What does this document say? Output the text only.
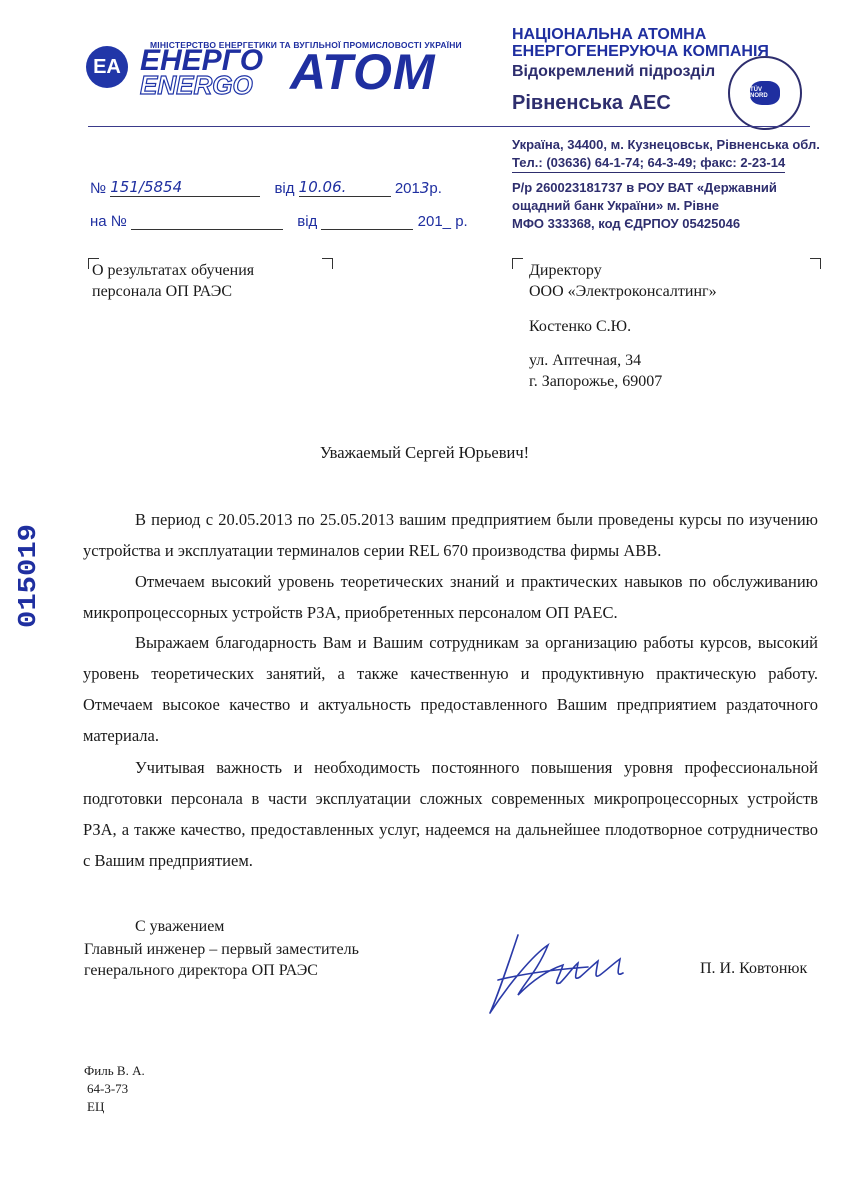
EA
МІНІСТЕРСТВО ЕНЕРГЕТИКИ ТА ВУГІЛЬНОЇ ПРОМИСЛОВОСТІ УКРАЇНИ
ЕНЕРГО
ENERGO АТОМ
НАЦІОНАЛЬНА АТОМНА
ЕНЕРГОГЕНЕРУЮЧА КОМПАНІЯ
Відокремлений підрозділ
Рівненська АЕС
TÜV NORD
Україна, 34400, м. Кузнецовськ, Рівненська обл.
Тел.: (03636) 64-1-74; 64-3-49; факс: 2-23-14
Р/р 260023181737 в РОУ ВАТ «Державний
ощадний банк України» м. Рівне
МФО 333368, код ЄДРПОУ 05425046
№ 151/5854	від 10.06.	2013р.
на №	від	201_ р.
О результатах обучения
персонала ОП РАЭС
Директору
ООО «Электроконсалтинг»
Костенко С.Ю.
ул. Аптечная, 34
г. Запорожье, 69007
Уважаемый Сергей Юрьевич!
В период с 20.05.2013 по 25.05.2013 вашим предприятием были проведены курсы по изучению устройства и эксплуатации терминалов серии REL 670 производства фирмы ABB.
Отмечаем высокий уровень теоретических знаний и практических навыков по обслуживанию микропроцессорных устройств РЗА, приобретенных персоналом ОП РАЕС.
Выражаем благодарность Вам и Вашим сотрудникам за организацию работы курсов, высокий уровень теоретических занятий, а также качественную и продуктивную практическую работу. Отмечаем высокое качество и актуальность предоставленного Вашим предприятием раздаточного материала.
Учитывая важность и необходимость постоянного повышения уровня профессиональной подготовки персонала в части эксплуатации сложных современных микропроцессорных устройств РЗА, а также качество, предоставленных услуг, надеемся на дальнейшее плодотворное сотрудничество с Вашим предприятием.
С уважением
Главный инженер – первый заместитель
генерального директора ОП РАЭС	П. И. Ковтонюк
Филь В. А.
64-3-73
ЕЦ
015019
